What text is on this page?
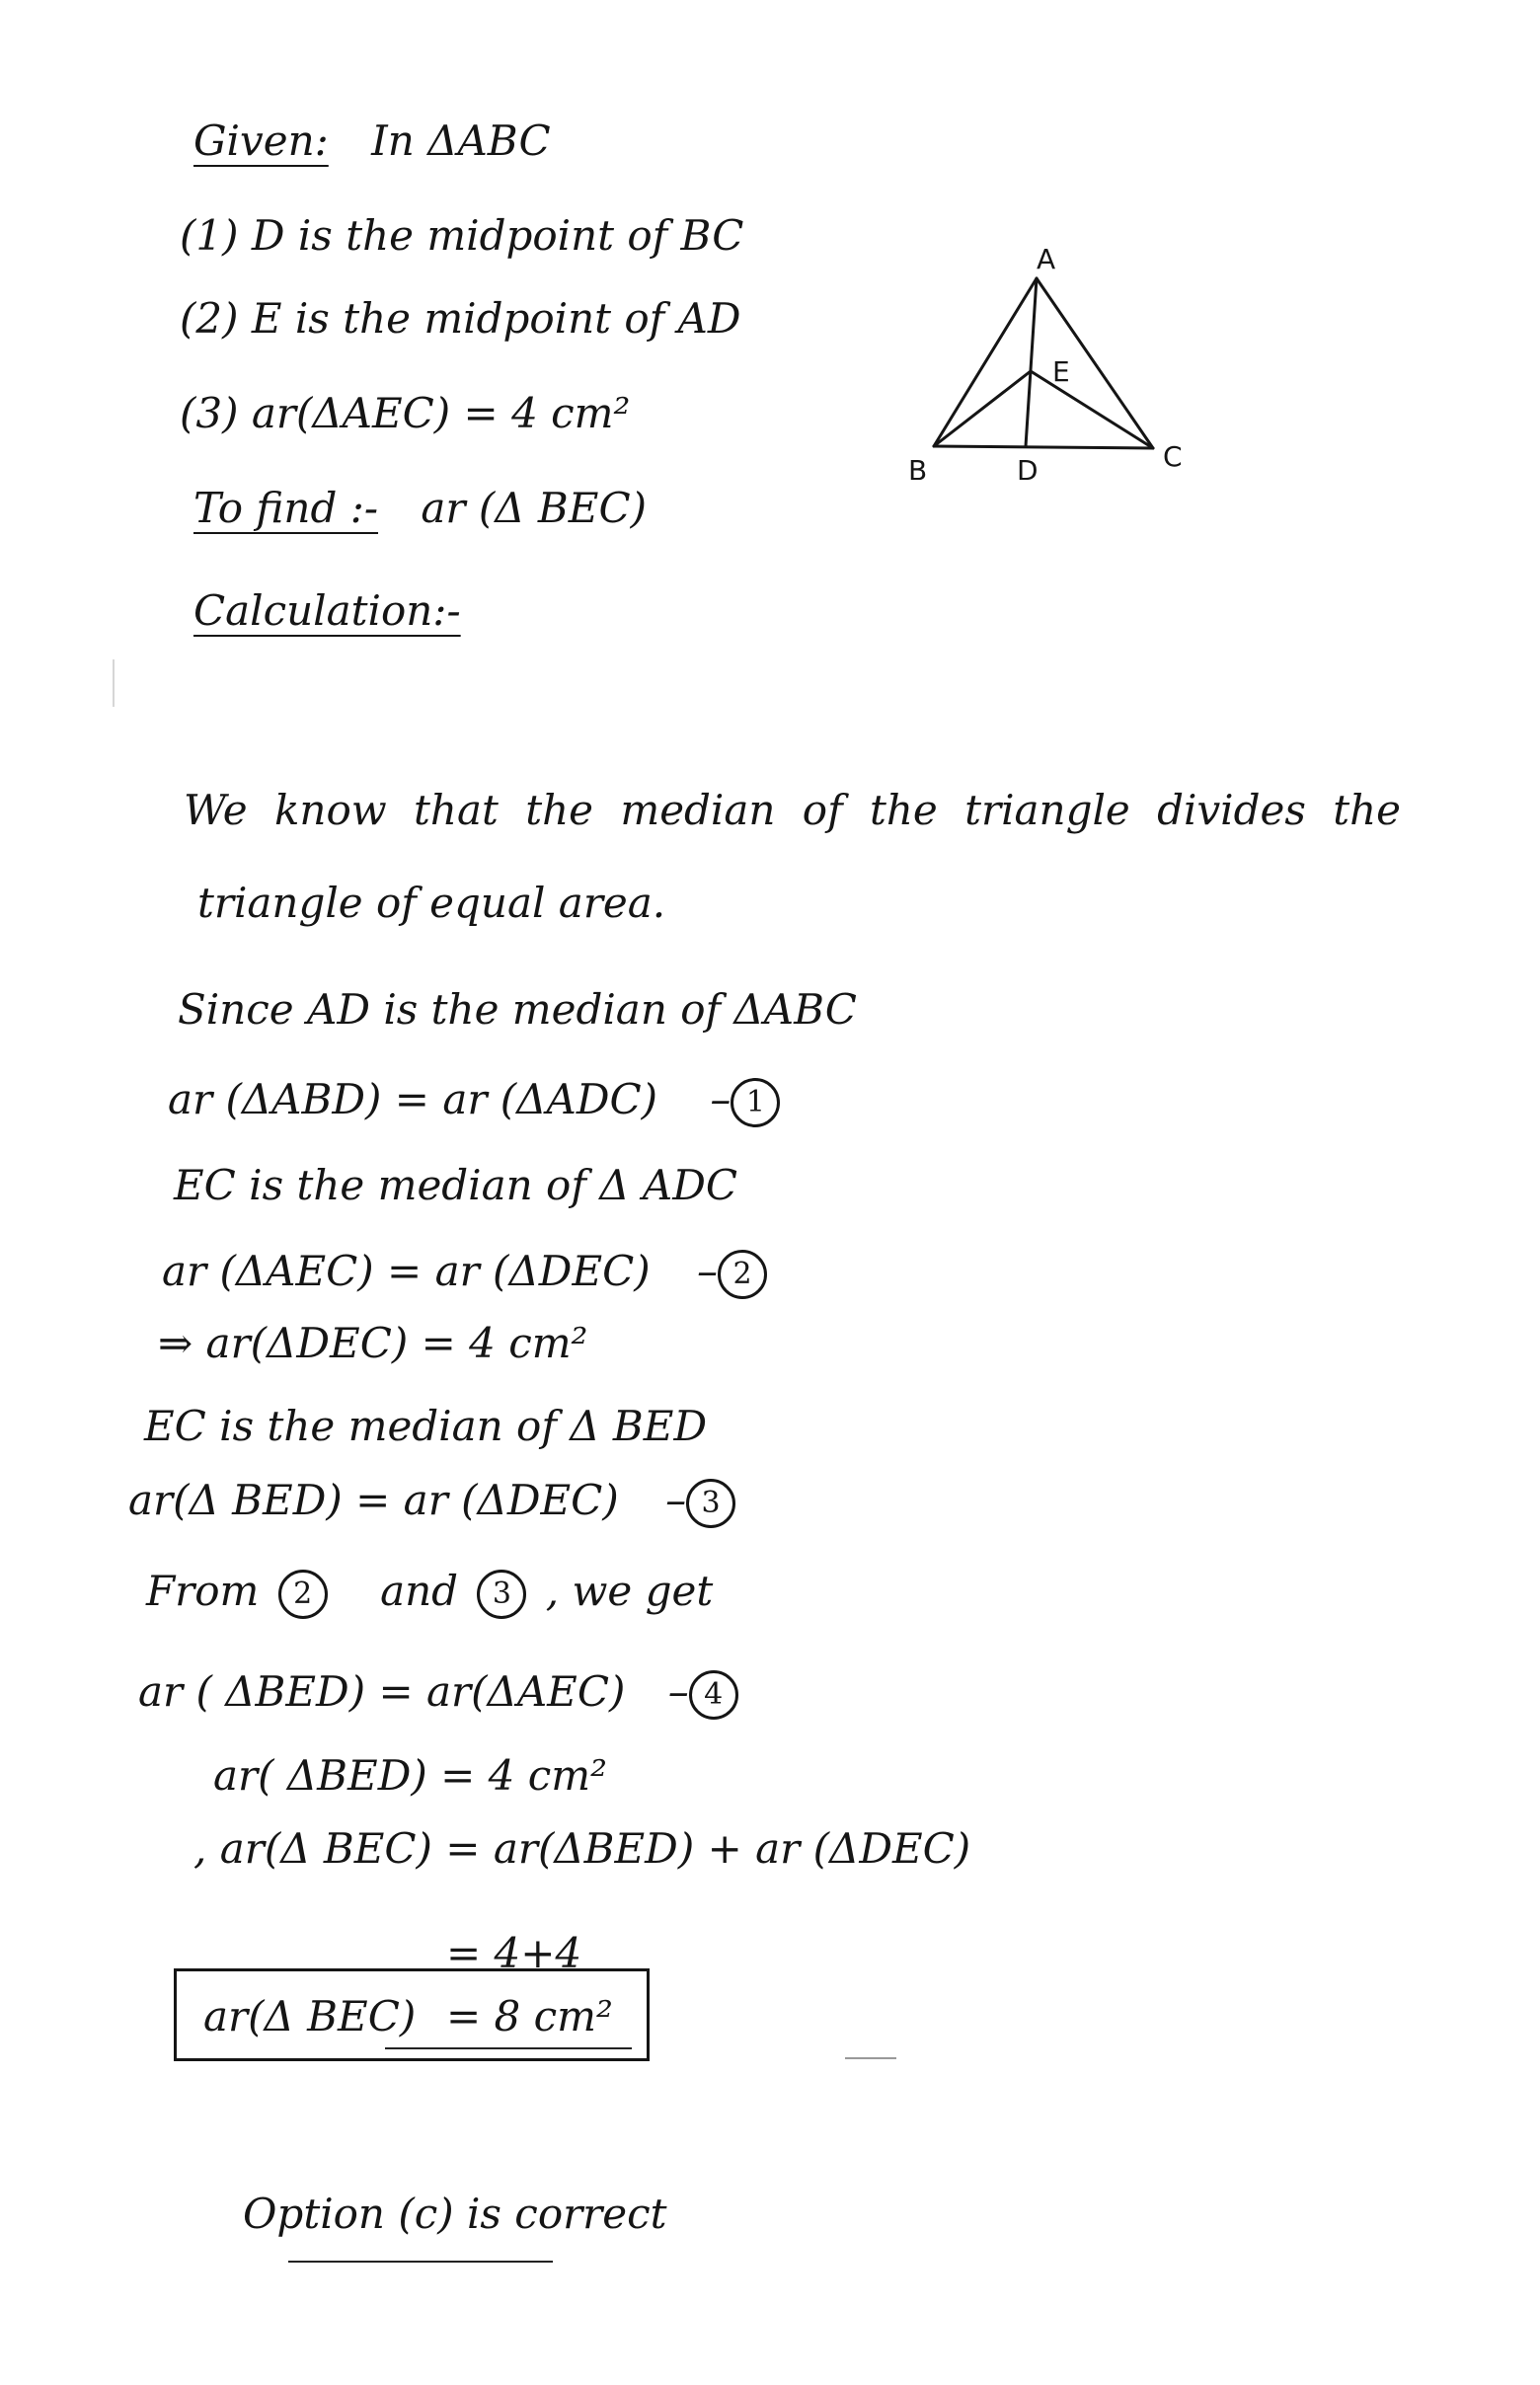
Given: In ΔABC
(1) D is the midpoint of BC
(2) E is the midpoint of AD
(3) ar(ΔAEC) = 4 cm²
To find :- ar (Δ BEC)
Calculation:-
A
B	C
D
E
We know that the median of the triangle divides the
triangle of equal area.
Since AD is the median of ΔABC
ar (ΔABD) = ar (ΔADC) – 1
EC is the median of Δ ADC
ar (ΔAEC) = ar (ΔDEC) – 2
⇒ ar(ΔDEC) = 4 cm²
EC is the median of Δ BED
ar(Δ BED) = ar (ΔDEC) – 3
From 2 and 3 , we get
ar ( ΔBED) = ar(ΔAEC) – 4
ar( ΔBED) = 4 cm²
, ar(Δ BEC) = ar(ΔBED) + ar (ΔDEC)
= 4+4
ar(Δ BEC) = 8 cm²
Option (c) is correct
